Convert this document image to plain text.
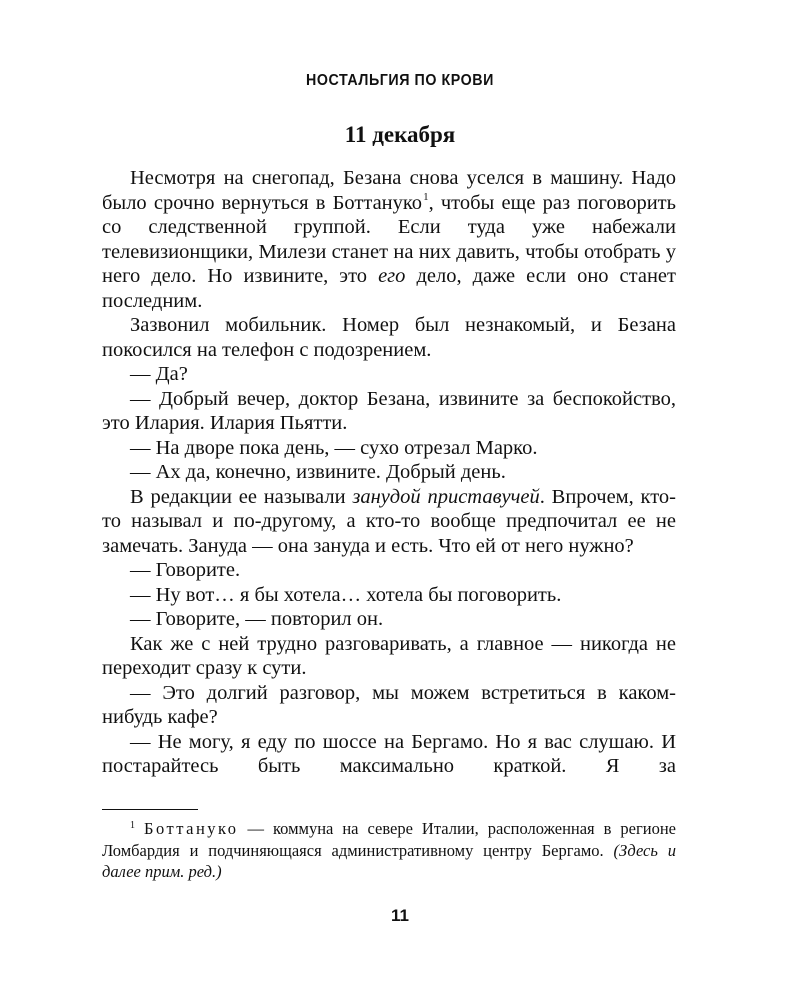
НОСТАЛЬГИЯ ПО КРОВИ
11 декабря

Несмотря на снегопад, Безана снова уселся в машину. Надо было срочно вернуться в Боттануко$^1$, чтобы еще раз поговорить со следственной группой. Если туда уже набежали телевизионщики, Милези станет на них давить, чтобы отобрать у него дело. Но извините, это его дело, даже если оно станет последним.

Зазвонил мобильник. Номер был незнакомый, и Безана покосился на телефон с подозрением.

— Да?

— Добрый вечер, доктор Безана, извините за беспокойство, это Илария. Илария Пьятти.

— На дворе пока день, — сухо отрезал Марко.

— Ах да, конечно, извините. Добрый день.

В редакции ее называли занудой приставучей. Впрочем, кто-то называл и по-другому, а кто-то вообще предпочитал ее не замечать. Зануда — она зануда и есть. Что ей от него нужно?

— Говорите.

— Ну вот… я бы хотела… хотела бы поговорить.

— Говорите, — повторил он.

Как же с ней трудно разговаривать, а главное — никогда не переходит сразу к сути.

— Это долгий разговор, мы можем встретиться в каком-нибудь кафе?

— Не могу, я еду по шоссе на Бергамо. Но я вас слушаю. И постарайтесь быть максимально краткой. Я за

$^1$ Боттануко — коммуна на севере Италии, расположенная в регионе Ломбардия и подчиняющаяся административному центру Бергамо. (Здесь и далее прим. ред.)
11
